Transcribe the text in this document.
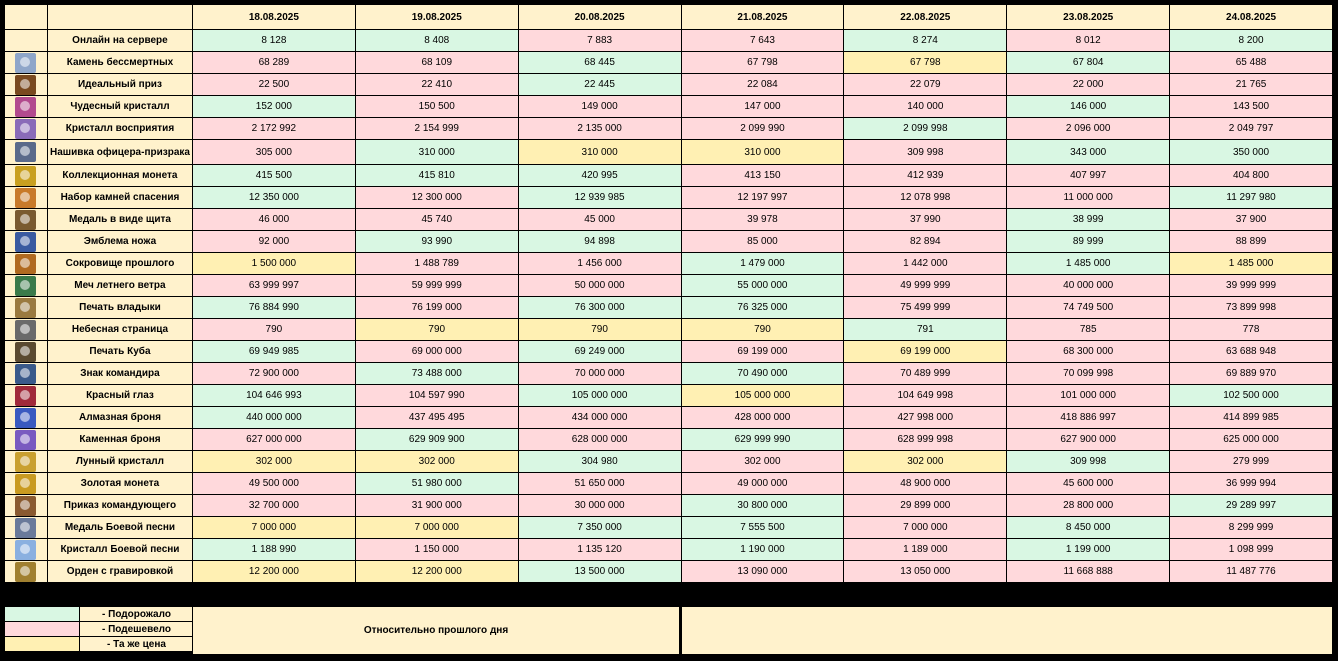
		18.08.2025	19.08.2025	20.08.2025	21.08.2025	22.08.2025	23.08.2025	24.08.2025
	Онлайн на сервере	8 128	8 408	7 883	7 643	8 274	8 012	8 200

	Камень бессмертных	68 289	68 109	68 445	67 798	67 798	67 804	65 488

	Идеальный приз	22 500	22 410	22 445	22 084	22 079	22 000	21 765

	Чудесный кристалл	152 000	150 500	149 000	147 000	140 000	146 000	143 500

	Кристалл восприятия	2 172 992	2 154 999	2 135 000	2 099 990	2 099 998	2 096 000	2 049 797

	Нашивка офицера-призрака	305 000	310 000	310 000	310 000	309 998	343 000	350 000

	Коллекционная монета	415 500	415 810	420 995	413 150	412 939	407 997	404 800

	Набор камней спасения	12 350 000	12 300 000	12 939 985	12 197 997	12 078 998	11 000 000	11 297 980

	Медаль в виде щита	46 000	45 740	45 000	39 978	37 990	38 999	37 900

	Эмблема ножа	92 000	93 990	94 898	85 000	82 894	89 999	88 899

	Сокровище прошлого	1 500 000	1 488 789	1 456 000	1 479 000	1 442 000	1 485 000	1 485 000

	Меч летнего ветра	63 999 997	59 999 999	50 000 000	55 000 000	49 999 999	40 000 000	39 999 999

	Печать владыки	76 884 990	76 199 000	76 300 000	76 325 000	75 499 999	74 749 500	73 899 998

	Небесная страница	790	790	790	790	791	785	778

	Печать Куба	69 949 985	69 000 000	69 249 000	69 199 000	69 199 000	68 300 000	63 688 948

	Знак командира	72 900 000	73 488 000	70 000 000	70 490 000	70 489 999	70 099 998	69 889 970

	Красный глаз	104 646 993	104 597 990	105 000 000	105 000 000	104 649 998	101 000 000	102 500 000

	Алмазная броня	440 000 000	437 495 495	434 000 000	428 000 000	427 998 000	418 886 997	414 899 985

	Каменная броня	627 000 000	629 909 900	628 000 000	629 999 990	628 999 998	627 900 000	625 000 000

	Лунный кристалл	302 000	302 000	304 980	302 000	302 000	309 998	279 999

	Золотая монета	49 500 000	51 980 000	51 650 000	49 000 000	48 900 000	45 600 000	36 999 994

	Приказ командующего	32 700 000	31 900 000	30 000 000	30 800 000	29 899 000	28 800 000	29 289 997

	Медаль Боевой песни	7 000 000	7 000 000	7 350 000	7 555 500	7 000 000	8 450 000	8 299 999

	Кристалл Боевой песни	1 188 990	1 150 000	1 135 120	1 190 000	1 189 000	1 199 000	1 098 999

	Орден с гравировкой	12 200 000	12 200 000	13 500 000	13 090 000	13 050 000	11 668 888	11 487 776
	- Подорожало
	- Подешевело
	- Та же цена
Относительно прошлого дня
